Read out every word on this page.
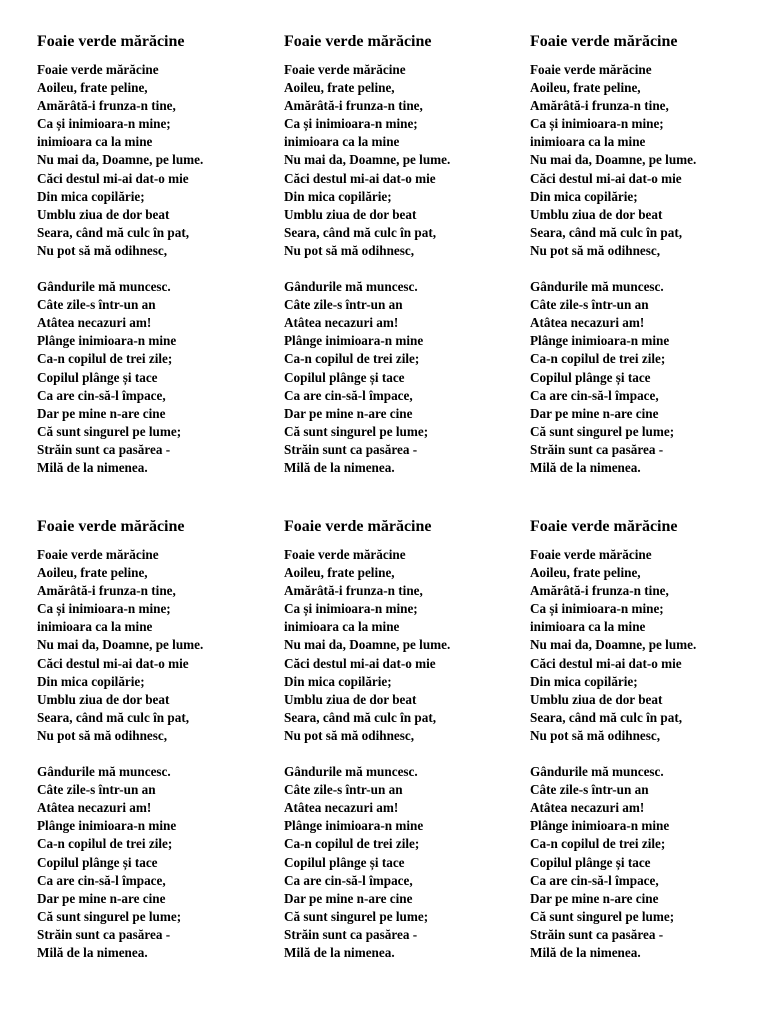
Foaie verde mărăcine
Foaie verde mărăcine
Aoileu, frate peline,
Amărâtă-i frunza-n tine,
Ca și inimioara-n mine;
inimioara ca la mine
Nu mai da, Doamne, pe lume.
Căci destul mi-ai dat-o mie
Din mica copilărie;
Umblu ziua de dor beat
Seara, când mă culc în pat,
Nu pot să mă odihnesc,
Gândurile mă muncesc.
Câte zile-s într-un an
Atâtea necazuri am!
Plânge inimioara-n mine
Ca-n copilul de trei zile;
Copilul plânge și tace
Ca are cin-să-l împace,
Dar pe mine n-are cine
Că sunt singurel pe lume;
Străin sunt ca pasărea -
Milă de la nimenea.
Foaie verde mărăcine
Foaie verde mărăcine
Aoileu, frate peline,
Amărâtă-i frunza-n tine,
Ca și inimioara-n mine;
inimioara ca la mine
Nu mai da, Doamne, pe lume.
Căci destul mi-ai dat-o mie
Din mica copilărie;
Umblu ziua de dor beat
Seara, când mă culc în pat,
Nu pot să mă odihnesc,
Gândurile mă muncesc.
Câte zile-s într-un an
Atâtea necazuri am!
Plânge inimioara-n mine
Ca-n copilul de trei zile;
Copilul plânge și tace
Ca are cin-să-l împace,
Dar pe mine n-are cine
Că sunt singurel pe lume;
Străin sunt ca pasărea -
Milă de la nimenea.
Foaie verde mărăcine
Foaie verde mărăcine
Aoileu, frate peline,
Amărâtă-i frunza-n tine,
Ca și inimioara-n mine;
inimioara ca la mine
Nu mai da, Doamne, pe lume.
Căci destul mi-ai dat-o mie
Din mica copilărie;
Umblu ziua de dor beat
Seara, când mă culc în pat,
Nu pot să mă odihnesc,
Gândurile mă muncesc.
Câte zile-s într-un an
Atâtea necazuri am!
Plânge inimioara-n mine
Ca-n copilul de trei zile;
Copilul plânge și tace
Ca are cin-să-l împace,
Dar pe mine n-are cine
Că sunt singurel pe lume;
Străin sunt ca pasărea -
Milă de la nimenea.
Foaie verde mărăcine
Foaie verde mărăcine
Aoileu, frate peline,
Amărâtă-i frunza-n tine,
Ca și inimioara-n mine;
inimioara ca la mine
Nu mai da, Doamne, pe lume.
Căci destul mi-ai dat-o mie
Din mica copilărie;
Umblu ziua de dor beat
Seara, când mă culc în pat,
Nu pot să mă odihnesc,
Gândurile mă muncesc.
Câte zile-s într-un an
Atâtea necazuri am!
Plânge inimioara-n mine
Ca-n copilul de trei zile;
Copilul plânge și tace
Ca are cin-să-l împace,
Dar pe mine n-are cine
Că sunt singurel pe lume;
Străin sunt ca pasărea -
Milă de la nimenea.
Foaie verde mărăcine
Foaie verde mărăcine
Aoileu, frate peline,
Amărâtă-i frunza-n tine,
Ca și inimioara-n mine;
inimioara ca la mine
Nu mai da, Doamne, pe lume.
Căci destul mi-ai dat-o mie
Din mica copilărie;
Umblu ziua de dor beat
Seara, când mă culc în pat,
Nu pot să mă odihnesc,
Gândurile mă muncesc.
Câte zile-s într-un an
Atâtea necazuri am!
Plânge inimioara-n mine
Ca-n copilul de trei zile;
Copilul plânge și tace
Ca are cin-să-l împace,
Dar pe mine n-are cine
Că sunt singurel pe lume;
Străin sunt ca pasărea -
Milă de la nimenea.
Foaie verde mărăcine
Foaie verde mărăcine
Aoileu, frate peline,
Amărâtă-i frunza-n tine,
Ca și inimioara-n mine;
inimioara ca la mine
Nu mai da, Doamne, pe lume.
Căci destul mi-ai dat-o mie
Din mica copilărie;
Umblu ziua de dor beat
Seara, când mă culc în pat,
Nu pot să mă odihnesc,
Gândurile mă muncesc.
Câte zile-s într-un an
Atâtea necazuri am!
Plânge inimioara-n mine
Ca-n copilul de trei zile;
Copilul plânge și tace
Ca are cin-să-l împace,
Dar pe mine n-are cine
Că sunt singurel pe lume;
Străin sunt ca pasărea -
Milă de la nimenea.
